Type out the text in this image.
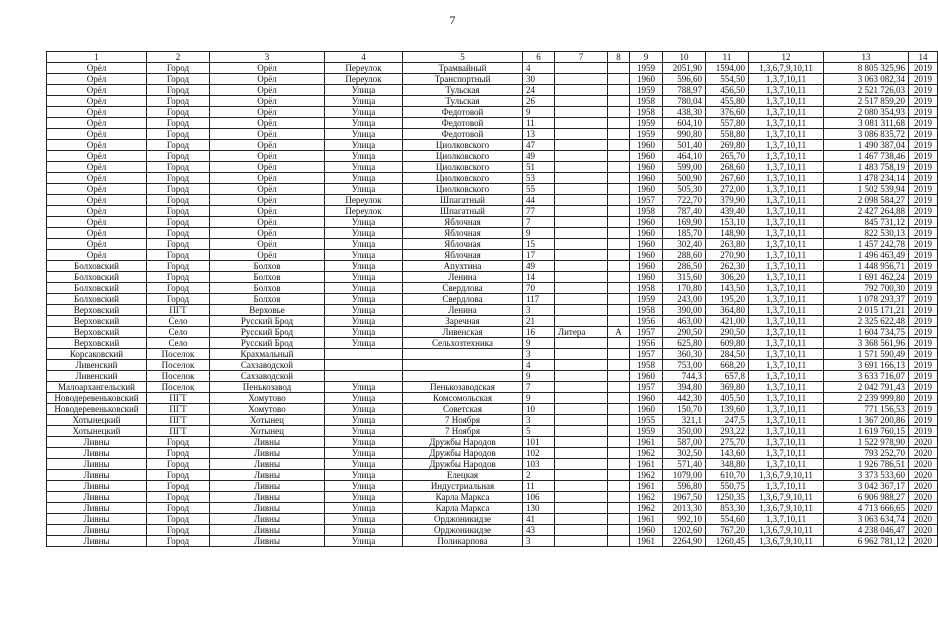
7
1	2	3	4	5	6	7	8	9	10	11	12	13	14
Орёл	Город	Орёл	Переулок	Трамвайный	4			1959	2051,90	1594,00	1,3,6,7,9,10,11	8 805 325,96	2019
Орёл	Город	Орёл	Переулок	Транспортный	30			1960	596,60	554,50	1,3,7,10,11	3 063 082,34	2019
Орёл	Город	Орёл	Улица	Тульская	24			1959	788,97	456,50	1,3,7,10,11	2 521 726,03	2019
Орёл	Город	Орёл	Улица	Тульская	26			1958	780,04	455,80	1,3,7,10,11	2 517 859,20	2019
Орёл	Город	Орёл	Улица	Федотовой	9			1958	438,30	376,60	1,3,7,10,11	2 080 354,93	2019
Орёл	Город	Орёл	Улица	Федотовой	11			1959	604,10	557,80	1,3,7,10,11	3 081 311,68	2019
Орёл	Город	Орёл	Улица	Федотовой	13			1959	990,80	558,80	1,3,7,10,11	3 086 835,72	2019
Орёл	Город	Орёл	Улица	Циолковского	47			1960	501,40	269,80	1,3,7,10,11	1 490 387,04	2019
Орёл	Город	Орёл	Улица	Циолковского	49			1960	464,10	265,70	1,3,7,10,11	1 467 738,46	2019
Орёл	Город	Орёл	Улица	Циолковского	51			1960	599,00	268,60	1,3,7,10,11	1 483 758,19	2019
Орёл	Город	Орёл	Улица	Циолковского	53			1960	500,90	267,60	1,3,7,10,11	1 478 234,14	2019
Орёл	Город	Орёл	Улица	Циолковского	55			1960	505,30	272,00	1,3,7,10,11	1 502 539,94	2019
Орёл	Город	Орёл	Переулок	Шпагатный	44			1957	722,70	379,90	1,3,7,10,11	2 098 584,27	2019
Орёл	Город	Орёл	Переулок	Шпагатный	77			1958	787,40	439,40	1,3,7,10,11	2 427 264,88	2019
Орёл	Город	Орёл	Улица	Яблочная	7			1960	169,90	153,10	1,3,7,10,11	845 731,12	2019
Орёл	Город	Орёл	Улица	Яблочная	9			1960	185,70	148,90	1,3,7,10,11	822 530,13	2019
Орёл	Город	Орёл	Улица	Яблочная	15			1960	302,40	263,80	1,3,7,10,11	1 457 242,78	2019
Орёл	Город	Орёл	Улица	Яблочная	17			1960	288,60	270,90	1,3,7,10,11	1 496 463,49	2019
Болховский	Город	Болхов	Улица	Апухтина	49			1960	286,50	262,30	1,3,7,10,11	1 448 956,71	2019
Болховский	Город	Болхов	Улица	Ленина	14			1960	315,60	306,20	1,3,7,10,11	1 691 462,24	2019
Болховский	Город	Болхов	Улица	Свердлова	70			1958	170,80	143,50	1,3,7,10,11	792 700,30	2019
Болховский	Город	Болхов	Улица	Свердлова	117			1959	243,00	195,20	1,3,7,10,11	1 078 293,37	2019
Верховский	ПГТ	Верховье	Улица	Ленина	3			1958	390,00	364,80	1,3,7,10,11	2 015 171,21	2019
Верховский	Село	Русский Брод	Улица	Заречная	21			1956	463,00	421,00	1,3,7,10,11	2 325 622,48	2019
Верховский	Село	Русский Брод	Улица	Ливенская	16	Литера	А	1957	290,50	290,50	1,3,7,10,11	1 604 734,75	2019
Верховский	Село	Русский Брод	Улица	Сельхозтехника	9			1956	625,80	609,80	1,3,7,10,11	3 368 561,96	2019
Корсаковский	Поселок	Крахмальный			3			1957	360,30	284,50	1,3,7,10,11	1 571 590,49	2019
Ливенский	Поселок	Сахзаводской			4			1958	753,00	668,20	1,3,7,10,11	3 691 166,13	2019
Ливенский	Поселок	Сахзаводской			9			1960	744,3	657,8	1,3,7,10,11	3 633 716,07	2019
Малоархангельский	Поселок	Пенькозавод	Улица	Пенькозаводская	7			1957	394,80	369,80	1,3,7,10,11	2 042 791,43	2019
Новодеревеньковский	ПГТ	Хомутово	Улица	Комсомольская	9			1960	442,30	405,50	1,3,7,10,11	2 239 999,80	2019
Новодеревеньковский	ПГТ	Хомутово	Улица	Советская	10			1960	150,70	139,60	1,3,7,10,11	771 156,53	2019
Хотынецкий	ПГТ	Хотынец	Улица	7 Ноября	3			1955	321,1	247,5	1,3,7,10,11	1 367 200,86	2019
Хотынецкий	ПГТ	Хотынец	Улица	7 Ноября	5			1959	350,00	293,22	1,3,7,10,11	1 619 760,15	2019
Ливны	Город	Ливны	Улица	Дружбы Народов	101			1961	587,00	275,70	1,3,7,10,11	1 522 978,90	2020
Ливны	Город	Ливны	Улица	Дружбы Народов	102			1962	302,50	143,60	1,3,7,10,11	793 252,70	2020
Ливны	Город	Ливны	Улица	Дружбы Народов	103			1961	571,40	348,80	1,3,7,10,11	1 926 786,51	2020
Ливны	Город	Ливны	Улица	Елецкая	2			1962	1079,00	610,70	1,3,6,7,9,10,11	3 373 533,60	2020
Ливны	Город	Ливны	Улица	Индустриальная	11			1961	596,80	550,75	1,3,7,10,11	3 042 367,17	2020
Ливны	Город	Ливны	Улица	Карла Маркса	106			1962	1967,50	1250,35	1,3,6,7,9,10,11	6 906 988,27	2020
Ливны	Город	Ливны	Улица	Карла Маркса	130			1962	2013,30	853,30	1,3,6,7,9,10,11	4 713 666,65	2020
Ливны	Город	Ливны	Улица	Орджоникидзе	41			1961	992,10	554,60	1,3,7,10,11	3 063 634,74	2020
Ливны	Город	Ливны	Улица	Орджоникидзе	43			1960	1202,60	767,20	1,3,6,7,9,10,11	4 238 046,47	2020
Ливны	Город	Ливны	Улица	Поликарпова	3			1961	2264,90	1260,45	1,3,6,7,9,10,11	6 962 781,12	2020
